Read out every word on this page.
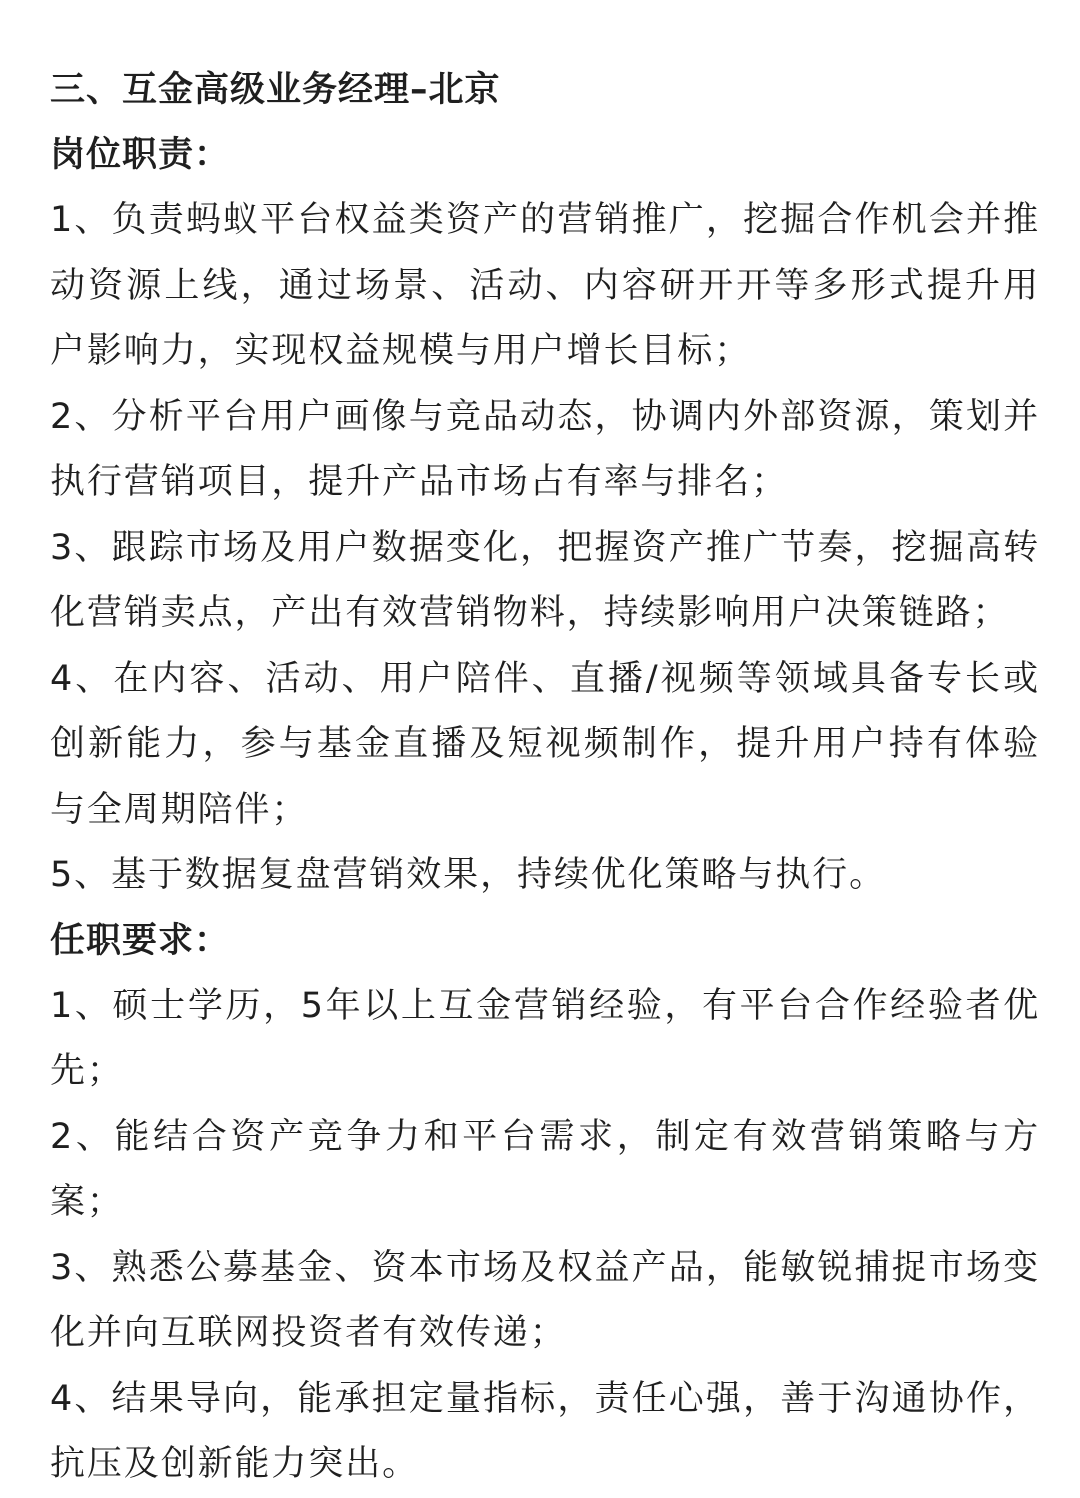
三、互金高级业务经理–北京

岗位职责：

1、负责蚂蚁平台权益类资产的营销推广，挖掘合作机会并推动资源上线，通过场景、活动、内容研开开等多形式提升用户影响力，实现权益规模与用户增长目标；

2、分析平台用户画像与竞品动态，协调内外部资源，策划并执行营销项目，提升产品市场占有率与排名；

3、跟踪市场及用户数据变化，把握资产推广节奏，挖掘高转化营销卖点，产出有效营销物料，持续影响用户决策链路；

4、在内容、活动、用户陪伴、直播/视频等领域具备专长或创新能力，参与基金直播及短视频制作，提升用户持有体验与全周期陪伴；

5、基于数据复盘营销效果，持续优化策略与执行。

任职要求：

1、硕士学历，5年以上互金营销经验，有平台合作经验者优先；

2、能结合资产竞争力和平台需求，制定有效营销策略与方案；

3、熟悉公募基金、资本市场及权益产品，能敏锐捕捉市场变化并向互联网投资者有效传递；

4、结果导向，能承担定量指标，责任心强，善于沟通协作，抗压及创新能力突出。
